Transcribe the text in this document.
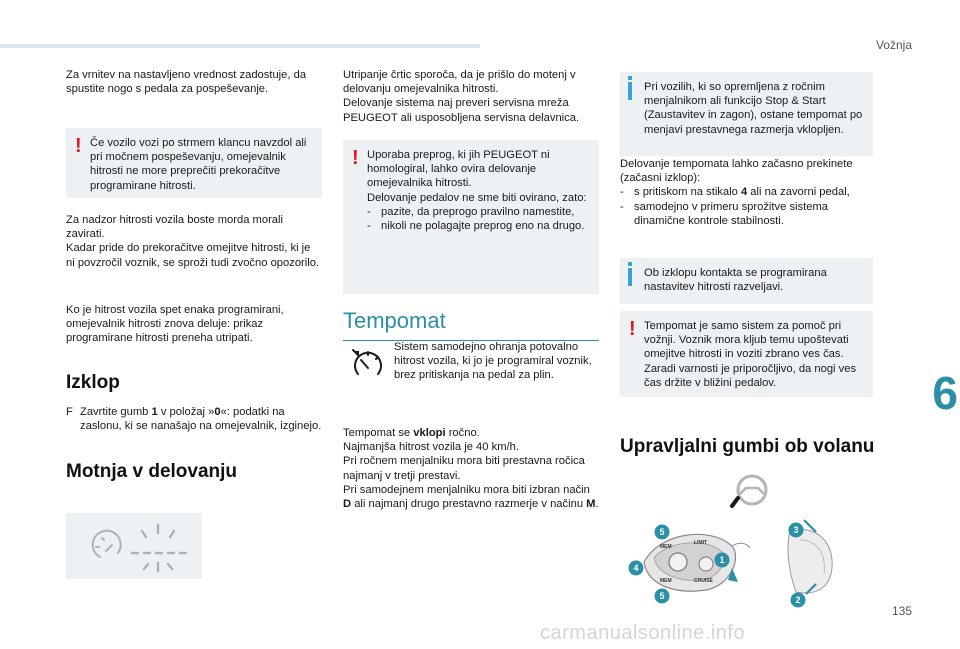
Vožnja
6
135
carmanualsonline.info

Za vrnitev na nastavljeno vrednost zadostuje, da spustite nogo s pedala za pospeševanje.

! Če vozilo vozi po strmem klancu navzdol ali pri močnem pospeševanju, omejevalnik hitrosti ne more preprečiti prekoračitve programirane hitrosti.

Za nadzor hitrosti vozila boste morda morali zavirati.

Kadar pride do prekoračitve omejitve hitrosti, ki je ni povzročil voznik, se sproži tudi zvočno opozorilo.

Ko je hitrost vozila spet enaka programirani, omejevalnik hitrosti znova deluje: prikaz programirane hitrosti preneha utripati.

Izklop
F Zavrtite gumb 1 v položaj »0«: podatki na zaslonu, ki se nanašajo na omejevalnik, izginejo.
Motnja v delovanju

Utripanje črtic sporoča, da je prišlo do motenj v delovanju omejevalnika hitrosti.

Delovanje sistema naj preveri servisna mreža PEUGEOT ali usposobljena servisna delavnica.

! Uporaba preprog, ki jih PEUGEOT ni homologiral, lahko ovira delovanje omejevalnika hitrosti.

Delovanje pedalov ne sme biti ovirano, zato:

- pazite, da preprogo pravilno namestite,
- nikoli ne polagajte preprog eno na drugo.
Tempomat

Sistem samodejno ohranja potovalno hitrost vozila, ki jo je programiral voznik, brez pritiskanja na pedal za plin.

Tempomat se vklopi ročno.

Najmanjša hitrost vozila je 40 km/h.

Pri ročnem menjalniku mora biti prestavna ročica najmanj v tretji prestavi.

Pri samodejnem menjalniku mora biti izbran način D ali najmanj drugo prestavno razmerje v načinu M.

Pri vozilih, ki so opremljena z ročnim menjalnikom ali funkcijo Stop & Start (Zaustavitev in zagon), ostane tempomat po menjavi prestavnega razmerja vklopljen.

Delovanje tempomata lahko začasno prekinete (začasni izklop):

- s pritiskom na stikalo 4 ali na zavorni pedal,
- samodejno v primeru sprožitve sistema dinamične kontrole stabilnosti.

Ob izklopu kontakta se programirana nastavitev hitrosti razveljavi.

! Tempomat je samo sistem za pomoč pri vožnji. Voznik mora kljub temu upoštevati omejitve hitrosti in voziti zbrano ves čas. Zaradi varnosti je priporočljivo, da nogi ves čas držite v bližini pedalov.

Upravljalni gumbi ob volanu
MEM
LIMIT
MEM	CRUISE
1
2
3
4
5
5
